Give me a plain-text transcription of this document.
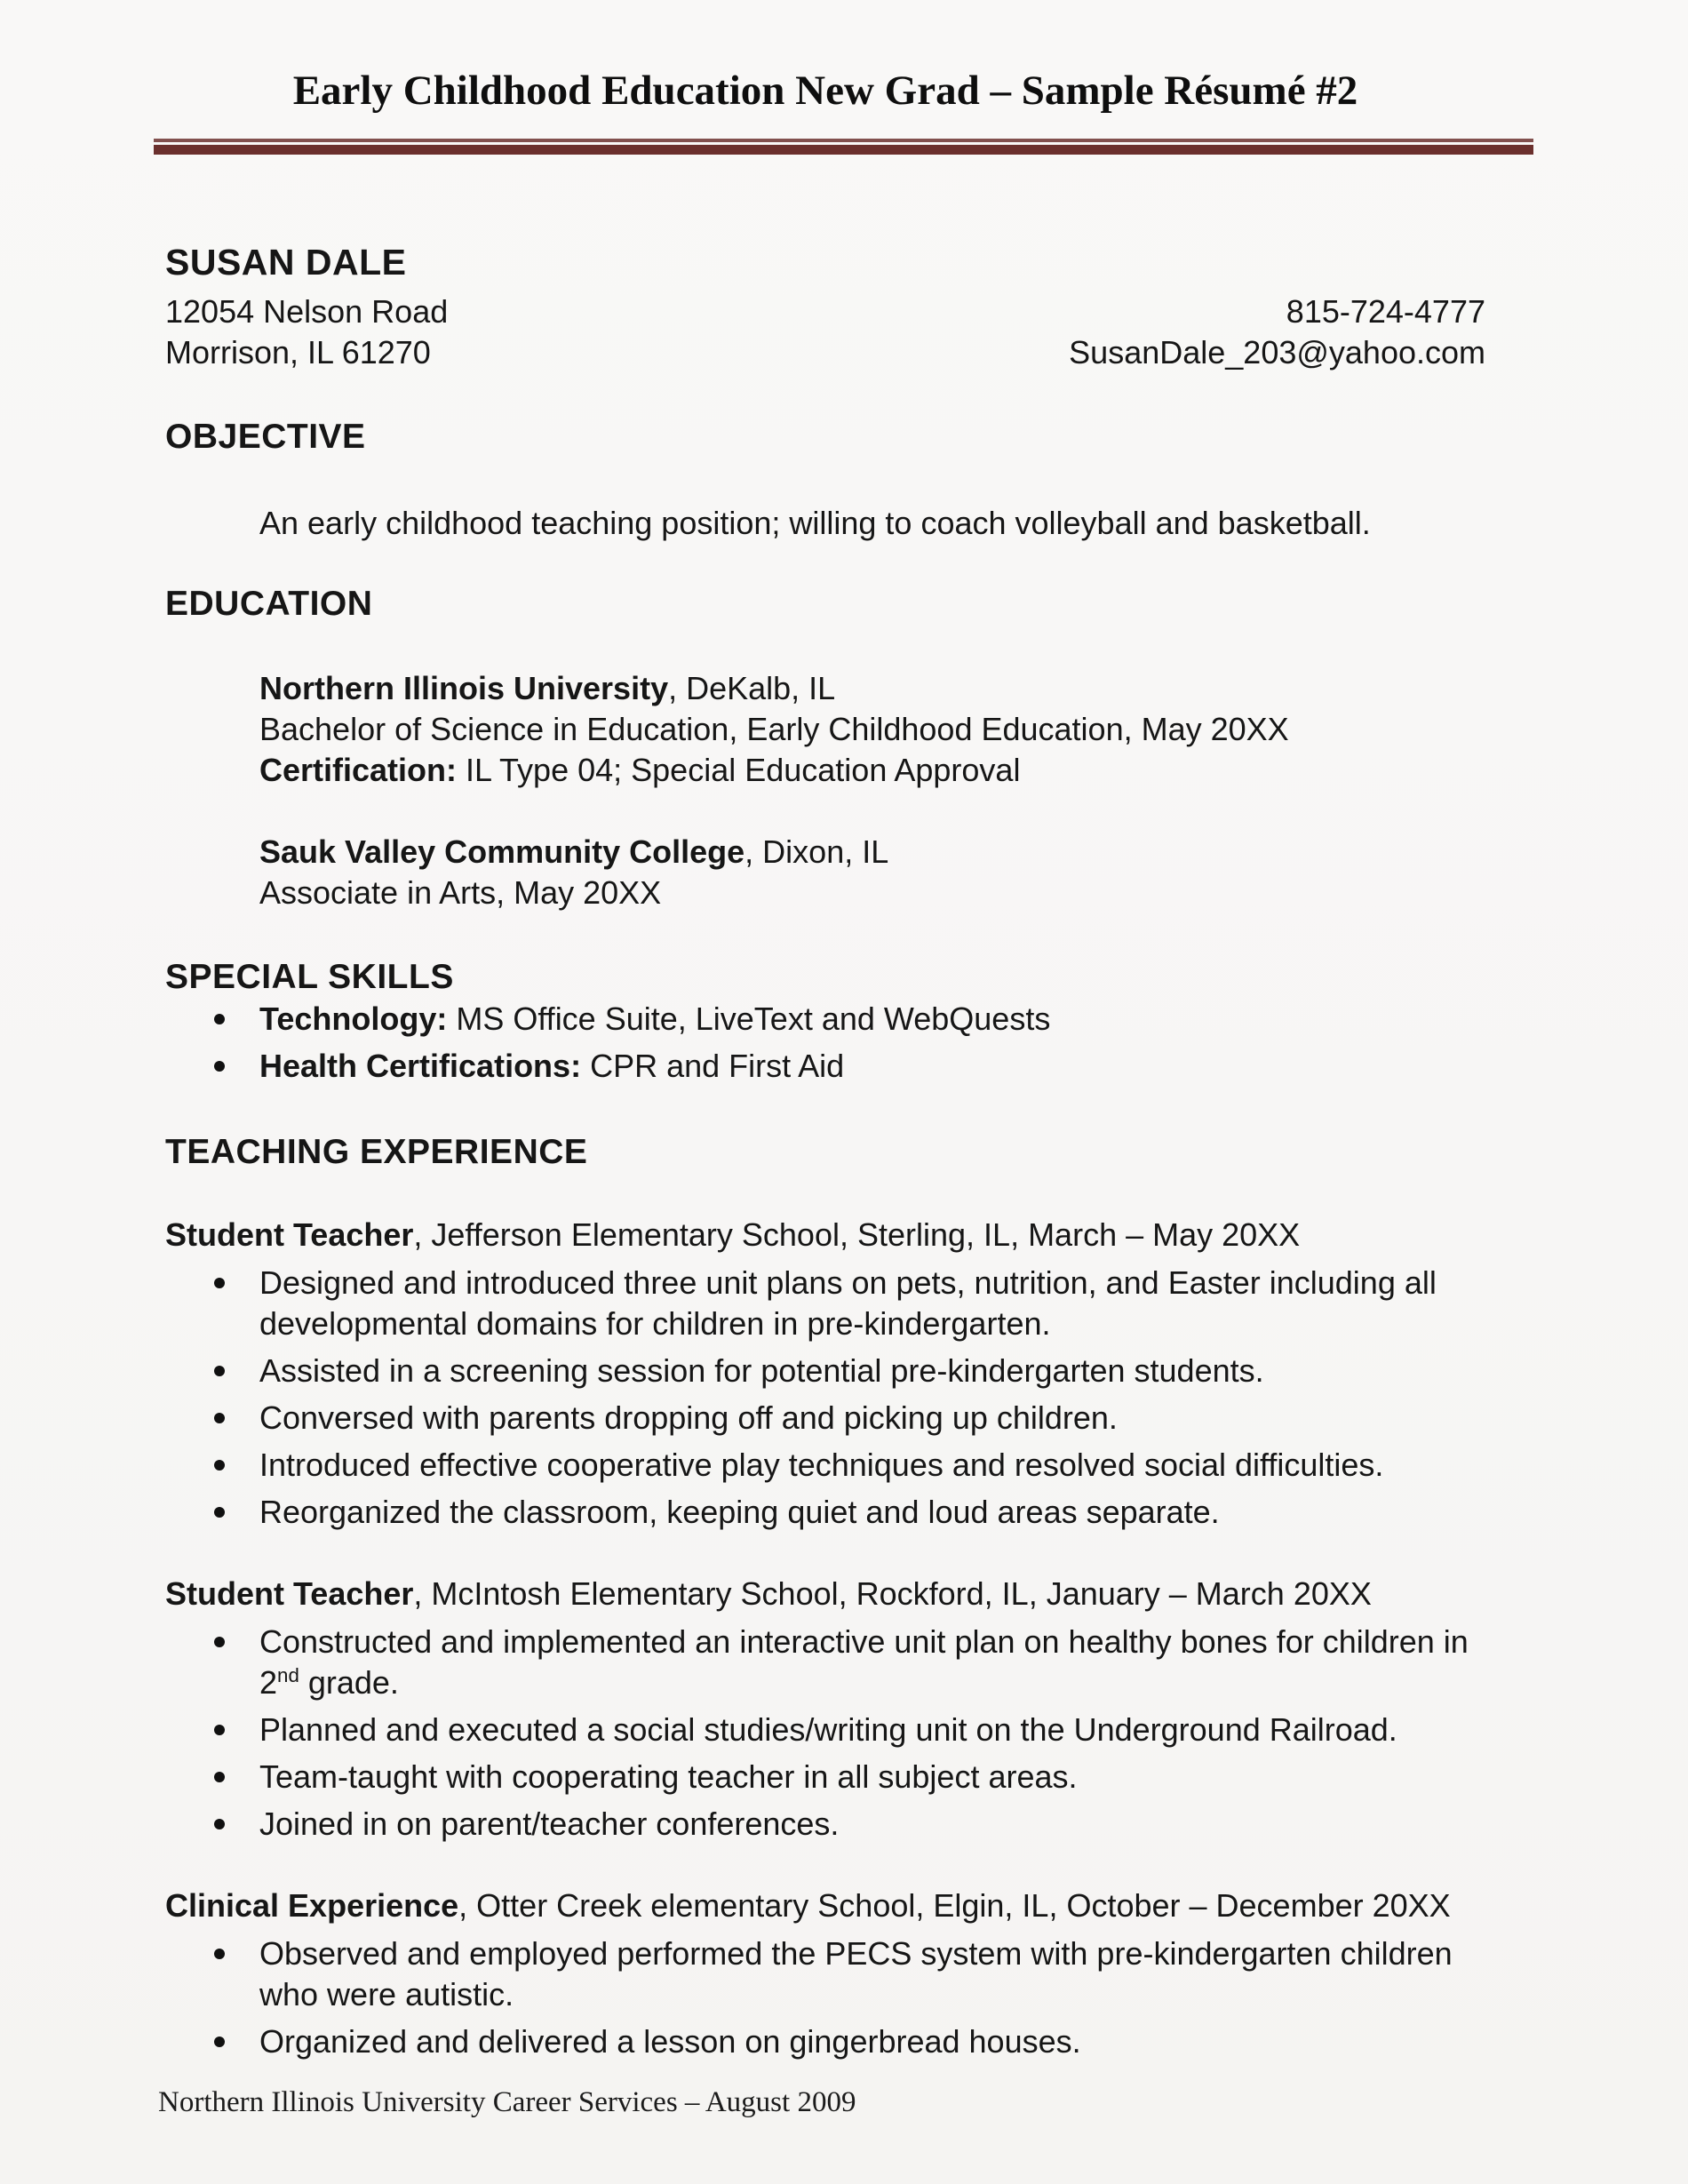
Early Childhood Education New Grad – Sample Résumé #2
SUSAN DALE
12054 Nelson Road	815-724-4777
Morrison, IL 61270	SusanDale_203@yahoo.com
OBJECTIVE
An early childhood teaching position; willing to coach volleyball and basketball.
EDUCATION
Northern Illinois University, DeKalb, IL
Bachelor of Science in Education, Early Childhood Education, May 20XX
Certification: IL Type 04; Special Education Approval
Sauk Valley Community College, Dixon, IL
Associate in Arts, May 20XX
SPECIAL SKILLS
Technology: MS Office Suite, LiveText and WebQuests
Health Certifications: CPR and First Aid
TEACHING EXPERIENCE
Student Teacher, Jefferson Elementary School, Sterling, IL, March – May 20XX
Designed and introduced three unit plans on pets, nutrition, and Easter including all developmental domains for children in pre-kindergarten.
Assisted in a screening session for potential pre-kindergarten students.
Conversed with parents dropping off and picking up children.
Introduced effective cooperative play techniques and resolved social difficulties.
Reorganized the classroom, keeping quiet and loud areas separate.
Student Teacher, McIntosh Elementary School, Rockford, IL, January – March 20XX
Constructed and implemented an interactive unit plan on healthy bones for children in 2nd grade.
Planned and executed a social studies/writing unit on the Underground Railroad.
Team-taught with cooperating teacher in all subject areas.
Joined in on parent/teacher conferences.
Clinical Experience, Otter Creek elementary School, Elgin, IL, October – December 20XX
Observed and employed performed the PECS system with pre-kindergarten children who were autistic.
Organized and delivered a lesson on gingerbread houses.
Northern Illinois University Career Services – August 2009
